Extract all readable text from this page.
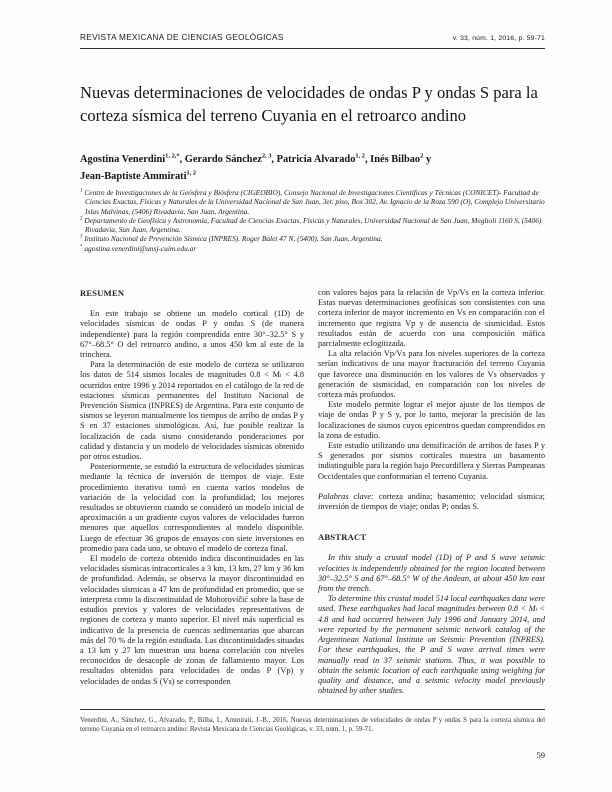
REVISTA MEXICANA DE CIENCIAS GEOLÓGICAS	v. 33, núm. 1, 2016, p. 59-71
Nuevas determinaciones de velocidades de ondas P y ondas S para la corteza sísmica del terreno Cuyania en el retroarco andino
Agostina Venerdini$^{1, 2,*}$, Gerardo Sánchez$^{2, 3}$, Patricia Alvarado$^{1, 2}$, Inés Bilbao$^2$ y
Jean-Baptiste Ammirati$^{1, 2}$
$^1$ Centro de Investigaciones de la Geósfera y Biósfera (CIGEOBIO), Consejo Nacional de Investigaciones Científicas y Técnicas (CONICET)- Facultad de Ciencias Exactas, Físicas y Naturales de la Universidad Nacional de San Juan, 3er. piso, Box 302, Av. Ignacio de la Roza 590 (O), Complejo Universitario Islas Malvinas, (5406) Rivadavia, San Juan, Argentina.
$^2$ Departamento de Geofísica y Astronomía, Facultad de Ciencias Exactas, Físicas y Naturales, Universidad Nacional de San Juan, Meglioli 1160 S, (5406) Rivadavia, San Juan, Argentina.
$^3$ Instituto Nacional de Prevención Sísmica (INPRES). Roger Balet 47 N, (5400), San Juan, Argentina.
* agostina.venerdini@unsj-cuim.edu.ar
RESUMEN

En este trabajo se obtiene un modelo cortical (1D) de velocidades sísmicas de ondas P y ondas S (de manera independiente) para la región comprendida entre 30°–32.5° S y 67°–68.5° O del retroarco andino, a unos 450 km al este de la trinchera.

Para la determinación de este modelo de corteza se utilizaron los datos de 514 sismos locales de magnitudes 0.8 < Mₗ < 4.8 ocurridos entre 1996 y 2014 reportados en el catálogo de la red de estaciones sísmicas permanentes del Instituto Nacional de Prevención Sísmica (INPRES) de Argentina. Para este conjunto de sismos se leyeron manualmente los tiempos de arribo de ondas P y S en 37 estaciones sismológicas. Así, fue posible realizar la localización de cada sismo considerando ponderaciones por calidad y distancia y un modelo de velocidades sísmicas obtenido por otros estudios.

Posteriormente, se estudió la estructura de velocidades sísmicas mediante la técnica de inversión de tiempos de viaje. Este procedimiento iterativo tomó en cuenta varios modelos de variación de la velocidad con la profundidad; los mejores resultados se obtuvieron cuando se consideró un modelo inicial de aproximación a un gradiente cuyos valores de velocidades fueron menores que aquellos correspondientes al modelo disponible. Luego de efectuar 36 grupos de ensayos con siete inversiones en promedio para cada uno, se obtuvo el modelo de corteza final.

El modelo de corteza obtenido indica discontinuidades en las velocidades sísmicas intracorticales a 3 km, 13 km, 27 km y 36 km de profundidad. Además, se observa la mayor discontinuidad en velocidades sísmicas a 47 km de profundidad en promedio, que se interpreta como la discontinuidad de Mohorovičić sobre la base de estudios previos y valores de velocidades representativos de regiones de corteza y manto superior. El nivel más superficial es indicativo de la presencia de cuencas sedimentarias que abarcan más del 70 % de la región estudiada. Las discontinuidades situadas a 13 km y 27 km muestran una buena correlación con niveles reconocidos de desacople de zonas de fallamiento mayor. Los resultados obtenidos para velocidades de ondas P (Vp) y velocidades de ondas S (Vs) se corresponden

con valores bajos para la relación de Vp/Vs en la corteza inferior. Estas nuevas determinaciones geofísicas son consistentes con una corteza inferior de mayor incremento en Vs en comparación con el incremento que registra Vp y de ausencia de sismicidad. Estos resultados están de acuerdo con una composición máfica parcialmente eclogitizada.

La alta relación Vp/Vs para los niveles superiores de la corteza serían indicativos de una mayor fracturación del terreno Cuyania que favorece una disminución en los valores de Vs observados y generación de sismicidad, en comparación con los niveles de corteza más profundos.

Este modelo permite lograr el mejor ajuste de los tiempos de viaje de ondas P y S y, por lo tanto, mejorar la precisión de las localizaciones de sismos cuyos epicentros quedan comprendidos en la zona de estudio.

Este estudio utilizando una densificación de arribos de fases P y S generados por sismos corticales muestra un basamento indistinguible para la región bajo Precordillera y Sierras Pampeanas Occidentales que conformarían el terreno Cuyania.

Palabras clave: corteza andina; basamento; velocidad sísmica; inversión de tiempos de viaje; ondas P; ondas S.
ABSTRACT

In this study a crustal model (1D) of P and S wave seismic velocities is independently obtained for the region located between 30°–32.5° S and 67°–68.5° W of the Andean, at about 450 km east from the trench.

To determine this crustal model 514 local earthquakes data were used. These earthquakes had local magnitudes between 0.8 < Mₗ < 4.8 and had occurred between July 1996 and January 2014, and were reported by the permanent seismic network catalog of the Argentinean National Institute on Seismic Prevention (INPRES). For these earthquakes, the P and S wave arrival times were manually read in 37 seismic stations. Thus, it was possible to obtain the seismic location of each earthquake using weighing for quality and distance, and a seismic velocity model previously obtained by other studies.

Venerdini, A., Sánchez, G., Alvarado, P., Bilba, I., Ammirati, J.-B., 2016, Nuevas determinaciones de velocidades de ondas P y ondas S para la corteza sísmica del terreno Cuyania en el retroarco andino: Revista Mexicana de Ciencias Geológicas, v. 33, núm. 1, p. 59-71.
59
